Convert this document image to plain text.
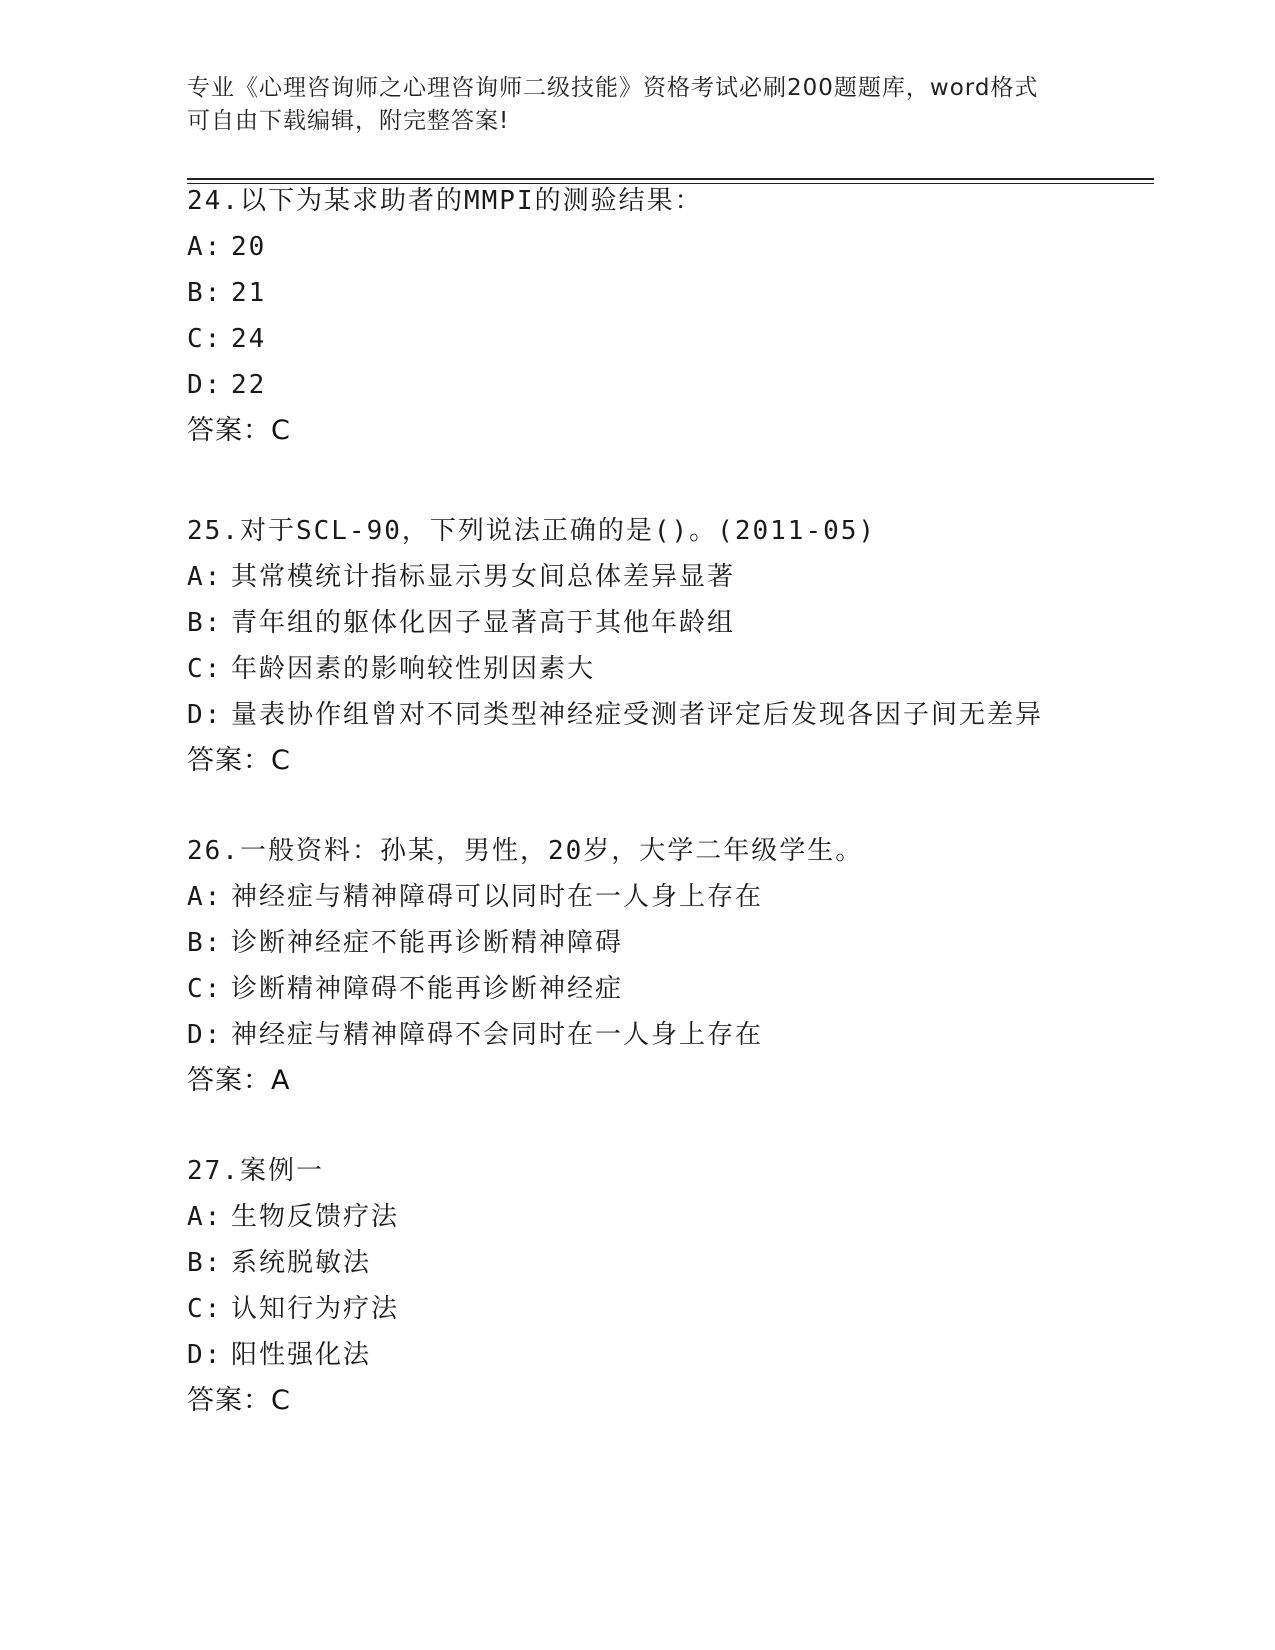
专业《心理咨询师之心理咨询师二级技能》资格考试必刷200题题库，word格式
可自由下载编辑，附完整答案!
24.以下为某求助者的MMPI的测验结果：
A: 20
B: 21
C: 24
D: 22
答案：C
25.对于SCL-90，下列说法正确的是()。(2011-05)
A: 其常模统计指标显示男女间总体差异显著
B: 青年组的躯体化因子显著高于其他年龄组
C: 年龄因素的影响较性别因素大
D: 量表协作组曾对不同类型神经症受测者评定后发现各因子间无差异
答案：C
26.一般资料：孙某，男性，20岁，大学二年级学生。
A: 神经症与精神障碍可以同时在一人身上存在
B: 诊断神经症不能再诊断精神障碍
C: 诊断精神障碍不能再诊断神经症
D: 神经症与精神障碍不会同时在一人身上存在
答案：A
27.案例一
A: 生物反馈疗法
B: 系统脱敏法
C: 认知行为疗法
D: 阳性强化法
答案：C
